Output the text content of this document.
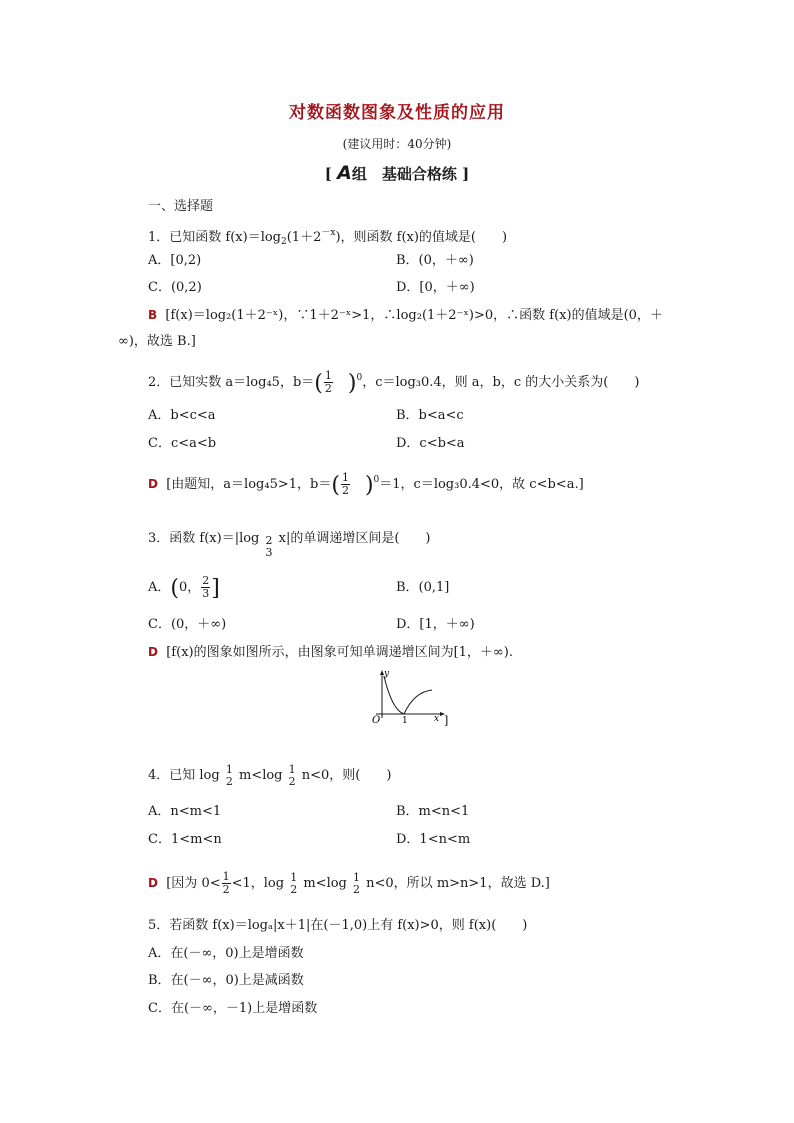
对数函数图象及性质的应用
(建议用时：40分钟)
[ A组　基础合格练 ]
一、选择题
1．已知函数 $f(x)=\log_2(1+2^{-x})$，则函数 f(x)的值域是(　　)
A．[0,2)	B．(0，＋∞)
C．(0,2)	D．[0，＋∞)
B [f(x)＝log₂(1＋2⁻ˣ)，∵1＋2⁻ˣ>1，∴log₂(1＋2⁻ˣ)>0，∴函数 f(x)的值域是(0，＋
∞)，故选 B.]
2．已知实数 a＝log₄5，$b=( \frac{1}{2} )^0$，c＝log₃0.4，则 a，b，c 的大小关系为(　　)
A．b<c<a	B．b<a<c
C．c<a<b	D．c<b<a
D [由题知，a＝log₄5>1，$b=( \frac{1}{2} )^0=1$，c＝log₃0.4<0，故 c<b<a.]
3．函数 f(x)＝|log 2
3
x|的单调递增区间是(　　)
A．(0， $\frac{2}{3}$ ]	B．(0,1]
C．(0，＋∞)	D．[1，＋∞)
D [f(x)的图象如图所示，由图象可知单调递增区间为[1，＋∞).
y
O 1	x ]
4．已知 log 1
2 m<log 1
2 n<0，则(　　)
A．n<m<1	B．m<n<1
C．1<m<n	D．1<n<m
D [因为 $0< \frac{1}{2} <1$，log 1
2 m<log 1
2 n<0，所以 m>n>1，故选 D.]
5．若函数 f(x)＝logₐ|x＋1|在(－1,0)上有 f(x)>0，则 f(x)(　　)
A．在(－∞，0)上是增函数
B．在(－∞，0)上是减函数
C．在(－∞，－1)上是增函数
